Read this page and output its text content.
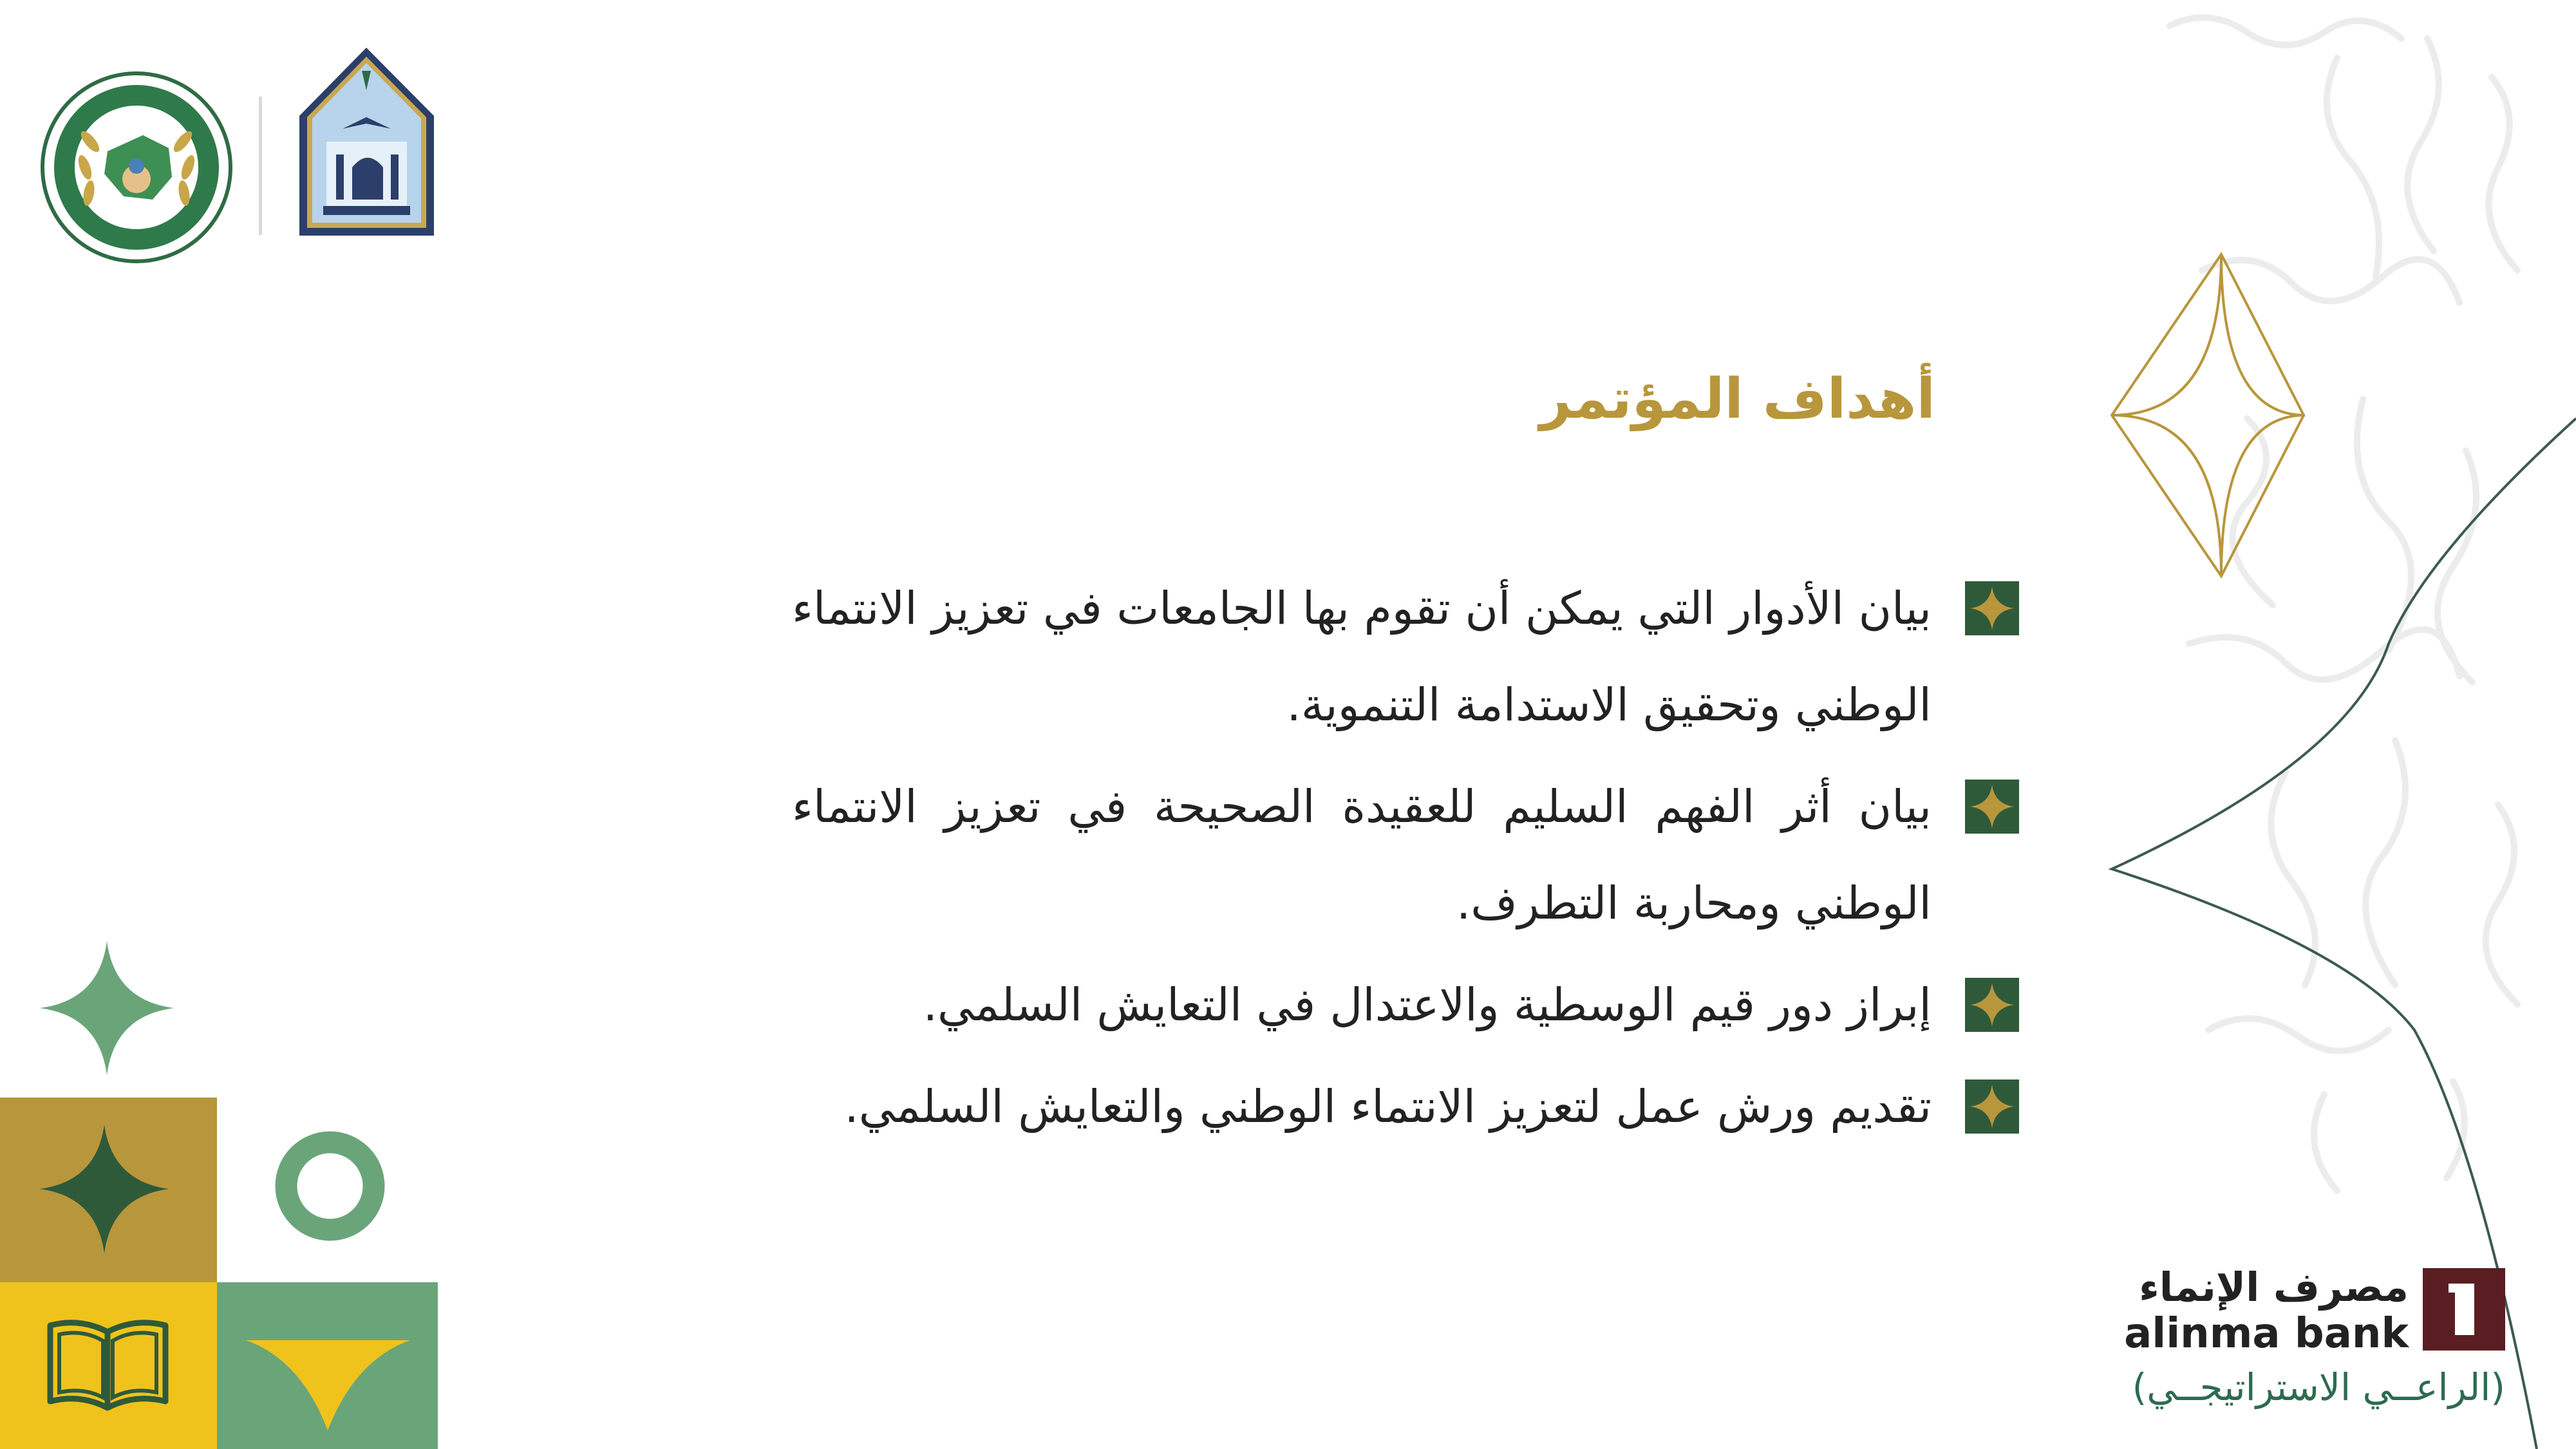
أهداف المؤتمر
بيان الأدوار التي يمكن أن تقوم بها الجامعات في تعزيز الانتماء الوطني وتحقيق الاستدامة التنموية.
بيان أثر الفهم السليم للعقيدة الصحيحة في تعزيز الانتماء الوطني ومحاربة التطرف.
إبراز دور قيم الوسطية والاعتدال في التعايش السلمي.
تقديم ورش عمل لتعزيز الانتماء الوطني والتعايش السلمي.
مصرف الإنماء
alinma bank
(الراعــي الاستراتيجــي)
